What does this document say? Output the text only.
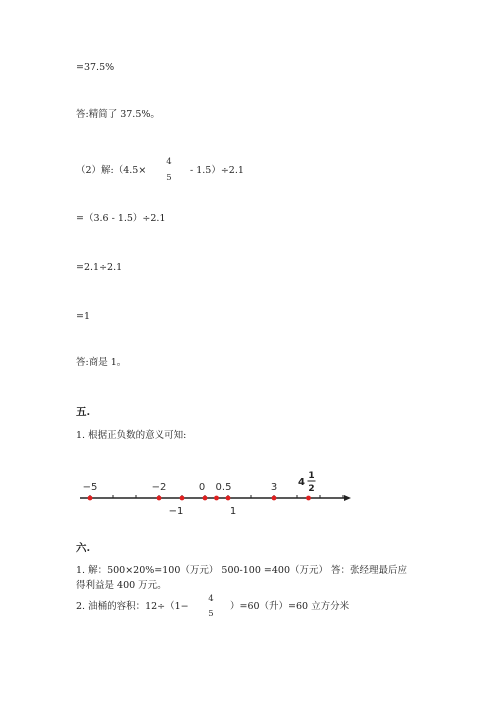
=37.5%
答:精简了 37.5%。
（2）解:（4.5×
4
5
- 1.5）÷2.1
=（3.6 - 1.5）÷2.1
=2.1÷2.1
=1
答:商是 1。
五.
1. 根据正负数的意义可知:
−5	−2	0 0.5	3
−1	1
4
1
2
六.
1. 解：500×20%=100（万元） 500-100 =400（万元） 答：张经理最后应
得利益是 400 万元。
2. 油桶的容积：12÷（1−
4
5
）=60（升）=60 立方分米
